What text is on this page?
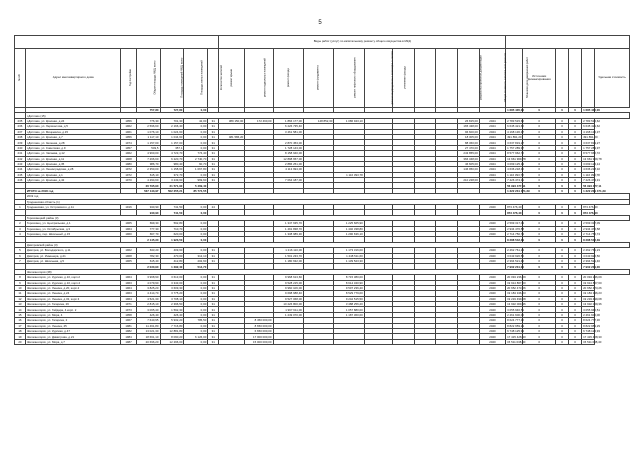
5
							Виды работ (услуг) по капитальному ремонту общего имущества в МКД																
№ п/п	Адрес многоквартирного дома	Год постройки	Общая площадь МКД, всего	Площадь помещений МКД, всего	Площадь жилых помещений	Количество жителей	ремонт крыши	ремонт подвальных помещений	ремонт фасада	ремонт фундамента	ремонт лифтового оборудования	ремонт внутридомовых инженерных систем	утепление фасада			разработка проектной документации	Общая стоимость капитального ремонта	Плановая дата завершения работ	Источники финансирования				Удельная стоимость
			757,80	727,80	0,00													1 685 435,00	0	0	0	1 685 435,00	
	г.Дятлово (15)																						
235	г.Дятлово, ул. Красная, д.24	1956	776,30	701,30	42,00	31	389 150,00	172 460,00	1 866 177,00	148 852,30	1 086 943,10					26 815,00	2024	2 783 515,62	0	0	0	2 783 515,62	
236	г.Дятлово, ул. Лермонтова, д.5	1962	2 596,60	2 166,40	0,00	31			6 226 735,40							165 438,00	2024	6 645 421,62	0	0	0	6 645 421,62	
237	г.Дятлово, ул. Мицкевича, д.15	1961	1 076,10	1 024,60	0,00	31			3 461 581,00							96 600,00	2024	4 168 136,37	0	0	0	4 168 136,37	
238	г.Дятлово, ул. Красная, д.7	1956	1 117,10	1 044,60	0,00	31	481 586,20									18 305,00	2024	491 891,20	0	0	0	491 891,20	
239	г.Дятлово, ул. Зеленая, д.28	1974	1 157,00	1 157,00	0,00	31			2 870 453,00							88 360,00	2024	3 637 819,27	0	0	0	3 637 819,27	
240	г.Дятлово, ул. Советская, д.9	1957	549,5	357,1	0,00	31			1 728 143,00							27 470,00	2024	1 757 289,97	0	0	0	1 757 289,97	
241	г.Дятлово, ул. Чапаева, д.12	1962	4 960,00	4 723,70	774,40	31			8 158 940,00							243 855,00	2024	8 577 962,72	0	0	0	8 577 962,72	
242	г.Дятлово, ул. Красная, д.11	1968	7 266,60	6 220,70	2 740,70	31			12 898 657,00							366 348,00	2024	13 661 969,78	0	0	0	13 661 969,78	
243	г.Дятлово, ул. Красная, д.35	1980	986,70	980,40	60,70	31			2 886 251,00							46 605,00	2024	3 099 125,14	0	0	0	3 099 125,14	
244	г.Дятлово, ул. Ленинградская, д.28	1972	2 350,00	1 158,60	1 067,80	31			4 113 994,00							146 950,00	2024	4 636 218,32	0	0	0	4 636 218,32	
245	г.Дятлово, ул. Красная, д.1	1972	615,10	372,70	0,00	31					1 116 393,78						2024	1 116 393,78	0	0	0	1 116 393,78	
246	г.Дятлово, ул. Красная, д.42	1970	4 294,60	3 249,60	969,60	31			7 064 187,00							210 228,00	2024	7 426 474,31	0	0	0	7 426 474,31	
			26 795,90	21 571,90	5 469,40													56 994 477,11	0	0	0	56 994 477,11	
	ИТОГО за 2018 год		537 143,97	502 255,21	85 774,55													1 322 231 471,39	0	0	0	1 322 231 471,39	
	2019 год																						
	Гродненская область (1)																						
1	Гродненская, ул. Островского, д.11	1916	940,90	741,50	0,00	24											2020	873 476,40	0	0	0	873 476,40	
			940,90	741,50	0,00													873 476,40	0	0	0	873 476,40	
	Гороховецкий район (3)																						
2	Гороховец, ул. Центральная, д.1	1965	699,30	592,80	0,00				1 347 635,70		1 225 665,90						2020	2 599 317,09	0	0	0	2 599 317,09	
3	Гороховец, ул. Октябрьская, д.3	1964	777,30	710,70	0,00				1 491 838,70		1 440 338,80						2020	2 934 476,58	0	0	0	2 934 476,58	
4	Гороховец, пер. Школьный, д.15	1960	667,70	620,00	0,00				1 338 989,30		1 290 636,10						2020	2 714 750,74	0	0	0	2 714 750,74	
			2 145,30	1 923,50	0,00													8 288 542,39	0	0	0	8 288 542,39	
	Дмитровский район (3)																						
5	Дмитров, ул. Володарского, д.11	1962	633,20	409,60	0,00	31			1 216 110,00		1 173 316,00						2020	2 462 761,23	0	0	0	2 462 761,23	
6	Дмитров, ул. Инженера, д.21	1968	782,30	470,00	312,10	31			1 501 233,70		1 448 511,60						2020	3 043 926,50	0	0	0	3 043 926,50	
7	Дмитров, ул. Школьная, д.5	1965	615,40	412,80	202,60	31			1 180 632,00		1 139 523,30						2020	2 394 521,46	0	0	0	2 394 521,46	
			2 030,90	1 292,40	514,70													7 902 231,00	0	0	0	7 902 231,00	
	Железногорск (28)																						
8	Железногорск, ул. Курская, д.10, корп.2	1964	3 968,90	3 613,00	0,00	31			9 968 613,60		8 715 380,00						2020	20 094 236,09	0	0	0	20 094 236,09	
9	Железногорск, ул. Курская, д.10, корп.4	1963	4 079,90	3 343,00	0,00	31			9 528 215,00		8 614 340,90						2020	19 914 867,60	0	0	0	19 914 867,60	
10	Железногорск, ул. Ленина, д.20, корп.2	1964	3 825,20	3 609,30	0,00	31			9 960 106,00		9 507 236,40						2020	20 652 473,26	0	0	0	20 652 473,26	
11	Железногорск, ул. Ленина, д.24	1963	4 414,70	3 775,20	0,00	31			9 698 688,40		8 529 779,00						2020	19 184 346,23	0	0	0	19 184 346,23	
12	Железногорск, ул. Ленина, д.32, корп.3	1964	4 521,30	3 708,10	0,00	31			9 527 068,00		9 242 515,50						2020	19 219 499,08	0	0	0	19 219 499,08	
13	Железногорск, ул. Гагарина, 26	1971	2 815,10	2 396,50	0,00	31			10 226 800,00		3 488 256,20						2020	13 932 009,36	0	0	0	13 932 009,36	
14	Железногорск, ул. Гайдара, 4 корп. 2	1973	3 065,40	1 592,30	0,00	31			1 967 611,00		1 057 880,00						2020	3 055 946,51	0	0	0	3 055 946,51	
15	Железногорск, ул. Мира, 4	1958	426,40	426,40	0,00	31			1 249 070,00		1 187 360,00						2020	2 461 600,00	0	0	0	2 461 600,00	
16	Железногорск, ул. Гагарина, 2	1967	7 640,95	5 932,20	785,50	31		8 450 000,00									2020	8 624 777,30	0	0	0	8 624 777,30	
17	Железногорск, ул. Ленина, 45	1981	11 461,80	7 716,80	0,00	31		8 650 000,00									2020	8 822 959,29	0	0	0	8 822 959,29	
18	Железногорск, ул. Курская, д.47	1982	13 021,30	12 881,80	0,00	31		6 650 000,00									2020	6 748 125,93	0	0	0	6 748 125,93	
19	Железногорск, ул. Димитрова, д.21	1984	18 661,10	8 090,20	6 126,00	31		17 000 000,00									2020	17 415 428,30	0	0	0	17 415 428,30	
20	Железногорск, ул. Мира, д.7	1987	20 696,20	12 296,00	0,00	31		15 000 000,00									2020	15 511 038,40	0	0	0	15 511 038,40	
